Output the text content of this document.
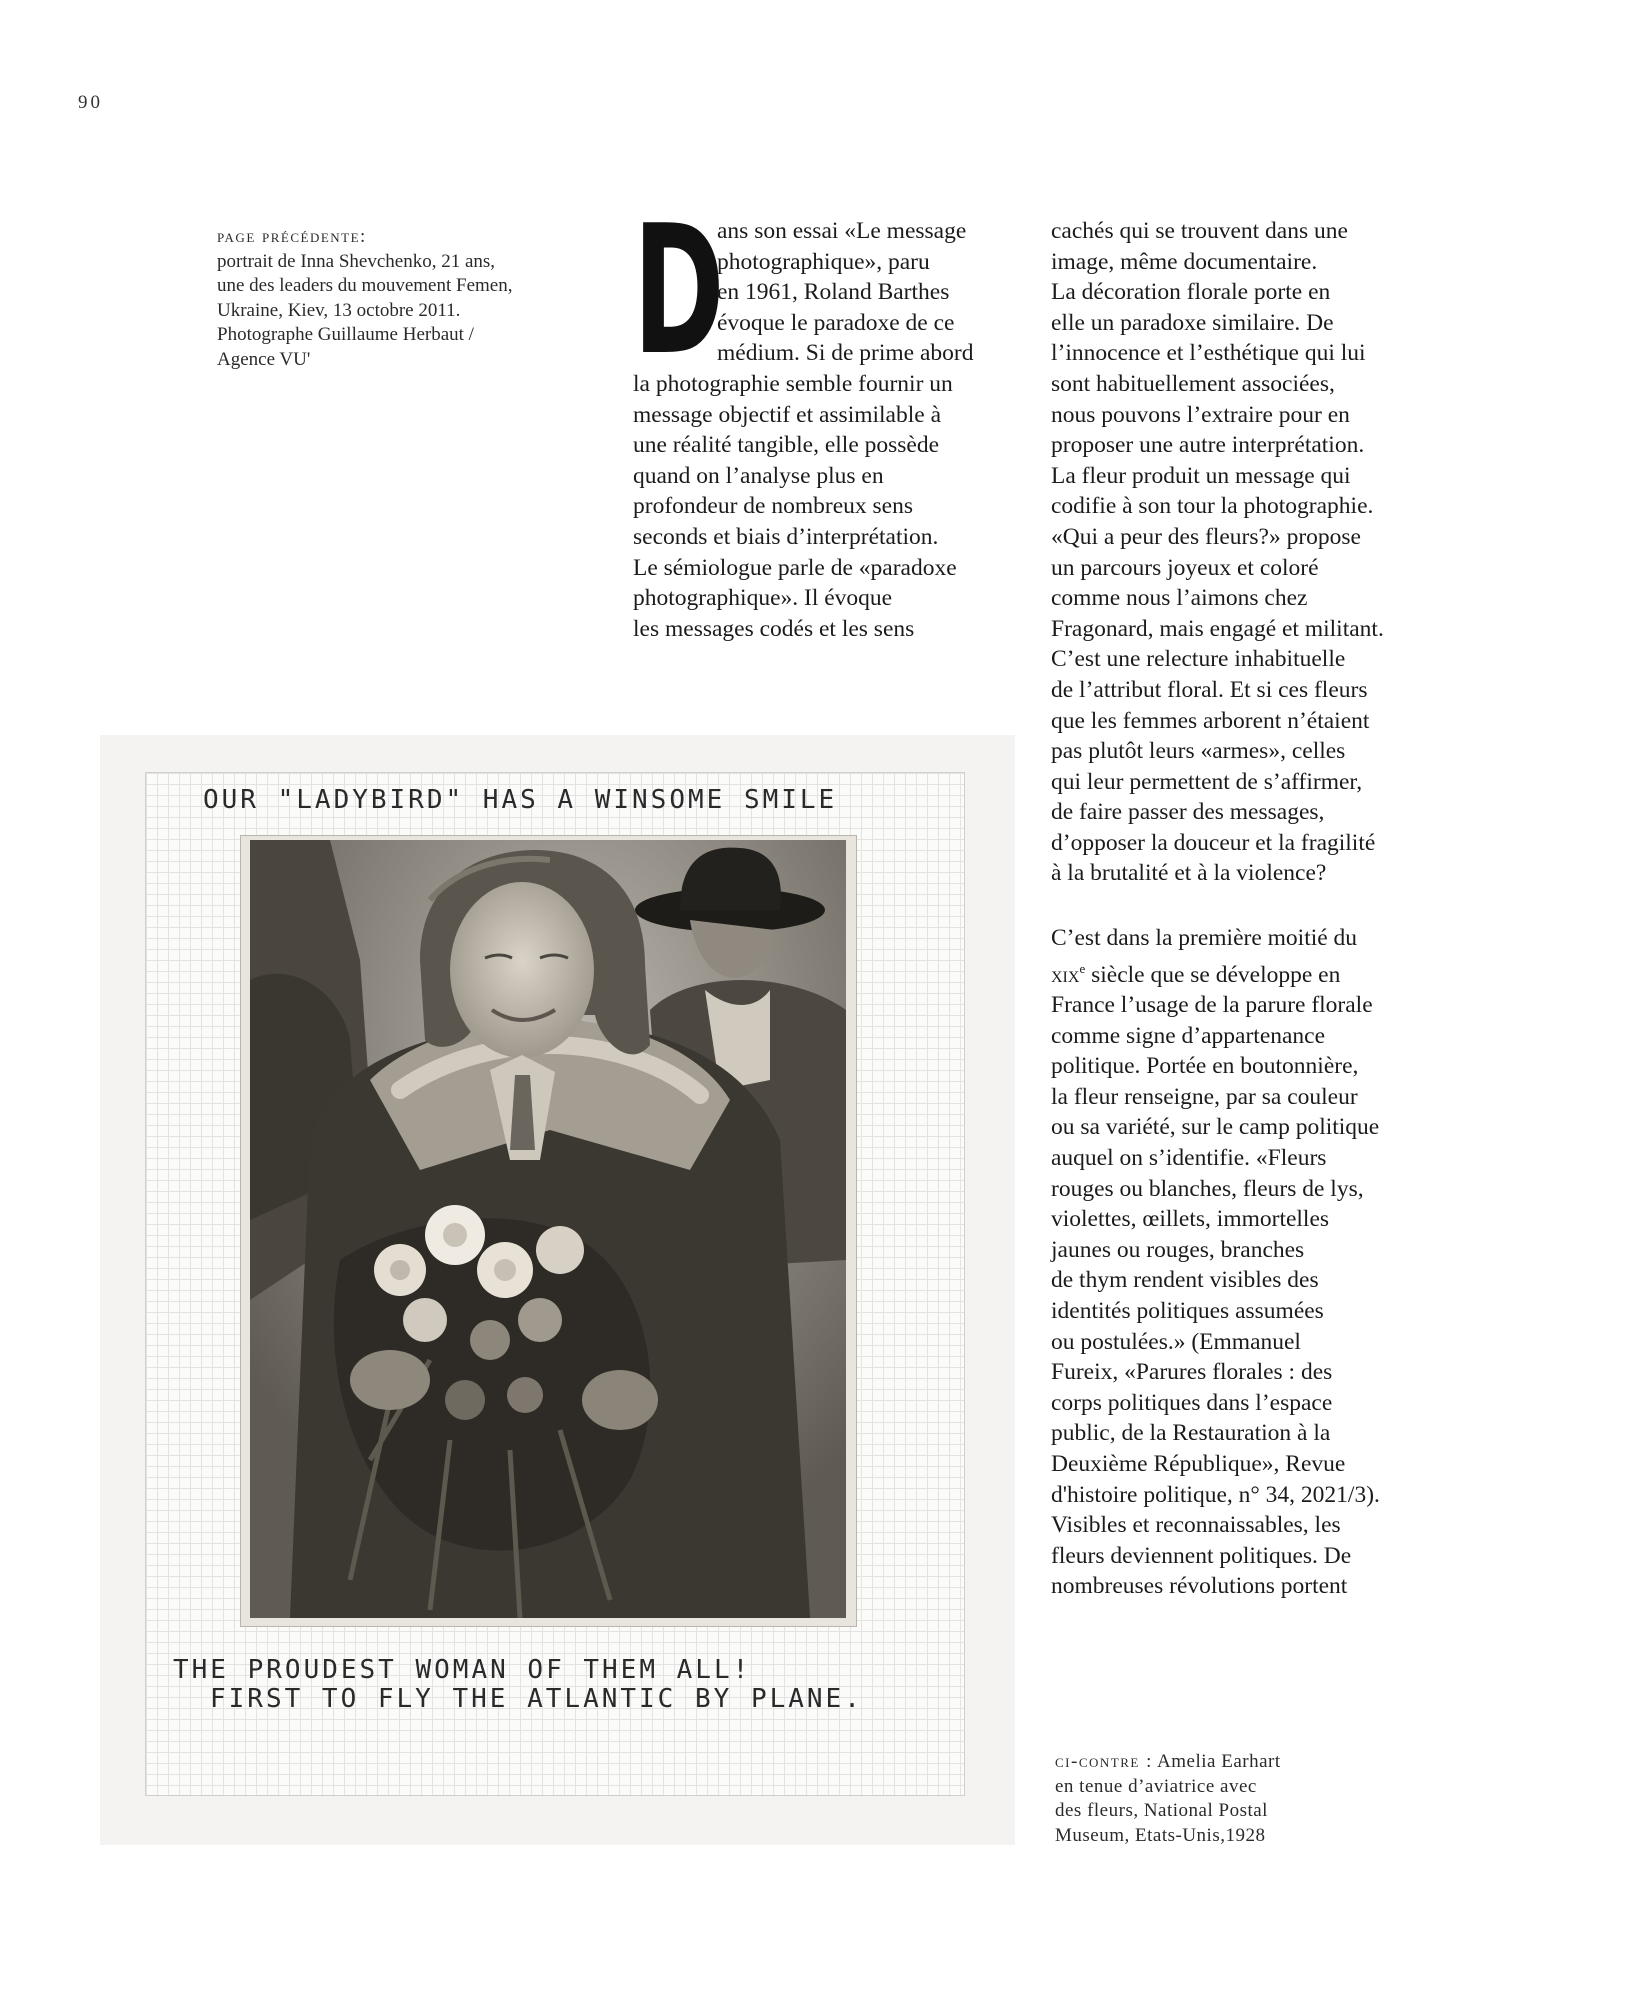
90
page précédente:
portrait de Inna Shevchenko, 21 ans,
une des leaders du mouvement Femen,
Ukraine, Kiev, 13 octobre 2011.
Photographe Guillaume Herbaut /
Agence VU'	D
ans son essai «Le message
photographique», paru
en 1961, Roland Barthes
évoque le paradoxe de ce
médium. Si de prime abord
la photographie semble fournir un
message objectif et assimilable à
une réalité tangible, elle possède
quand on l’analyse plus en
profondeur de nombreux sens
seconds et biais d’interprétation.
Le sémiologue parle de «paradoxe
photographique». Il évoque
les messages codés et les sens
cachés qui se trouvent dans une
image, même documentaire.
La décoration florale porte en
elle un paradoxe similaire. De
l’innocence et l’esthétique qui lui
sont habituellement associées,
nous pouvons l’extraire pour en
proposer une autre interprétation.
La fleur produit un message qui
codifie à son tour la photographie.
«Qui a peur des fleurs?» propose
un parcours joyeux et coloré
comme nous l’aimons chez
Fragonard, mais engagé et militant.
C’est une relecture inhabituelle
de l’attribut floral. Et si ces fleurs
que les femmes arborent n’étaient
pas plutôt leurs «armes», celles
qui leur permettent de s’affirmer,
de faire passer des messages,
d’opposer la douceur et la fragilité
à la brutalité et à la violence?
C’est dans la première moitié du
xix$^e$ siècle que se développe en
France l’usage de la parure florale
comme signe d’appartenance
politique. Portée en boutonnière,
la fleur renseigne, par sa couleur
ou sa variété, sur le camp politique
auquel on s’identifie. «Fleurs
rouges ou blanches, fleurs de lys,
violettes, œillets, immortelles
jaunes ou rouges, branches
de thym rendent visibles des
identités politiques assumées
ou postulées.» (Emmanuel
Fureix, «Parures florales : des
corps politiques dans l’espace
public, de la Restauration à la
Deuxième République», Revue
d'histoire politique, n° 34, 2021/3).
Visibles et reconnaissables, les
fleurs deviennent politiques. De
nombreuses révolutions portent
OUR "LADYBIRD" HAS A WINSOME SMILE
THE PROUDEST WOMAN OF THEM ALL!
FIRST TO FLY THE ATLANTIC BY PLANE.
ci-contre : Amelia Earhart
en tenue d’aviatrice avec
des fleurs, National Postal
Museum, Etats-Unis,1928
